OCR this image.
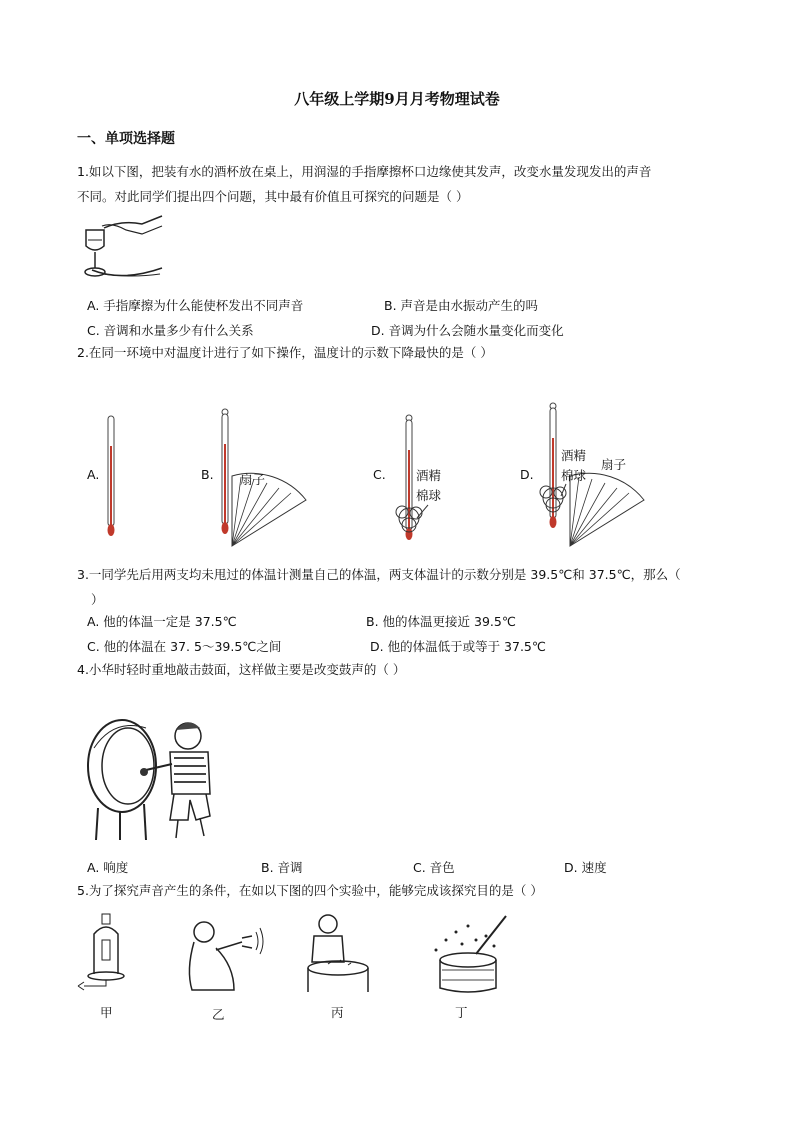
八年级上学期9月月考物理试卷
一、单项选择题
1.如以下图，把装有水的酒杯放在桌上，用润湿的手指摩擦杯口边缘使其发声，改变水量发现发出的声音
不同。对此同学们提出四个问题，其中最有价值且可探究的问题是（ ）
A. 手指摩擦为什么能使杯发出不同声音	B. 声音是由水振动产生的吗
C. 音调和水量多少有什么关系	D. 音调为什么会随水量变化而变化
2.在同一环境中对温度计进行了如下操作，温度计的示数下降最快的是（ ）
A.	B.	C.	D.
扇子	酒精
棉球
酒精
棉球
扇子
3.一同学先后用两支均未甩过的体温计测量自己的体温，两支体温计的示数分别是 39.5℃和 37.5℃，那么（
）
A. 他的体温一定是 37.5℃	B. 他的体温更接近 39.5℃
C. 他的体温在 37. 5～39.5℃之间	D. 他的体温低于或等于 37.5℃
4.小华时轻时重地敲击鼓面，这样做主要是改变鼓声的（ ）
A. 响度	B. 音调	C. 音色	D. 速度
5.为了探究声音产生的条件，在如以下图的四个实验中，能够完成该探究目的是（ ）
甲	乙	丙	丁
